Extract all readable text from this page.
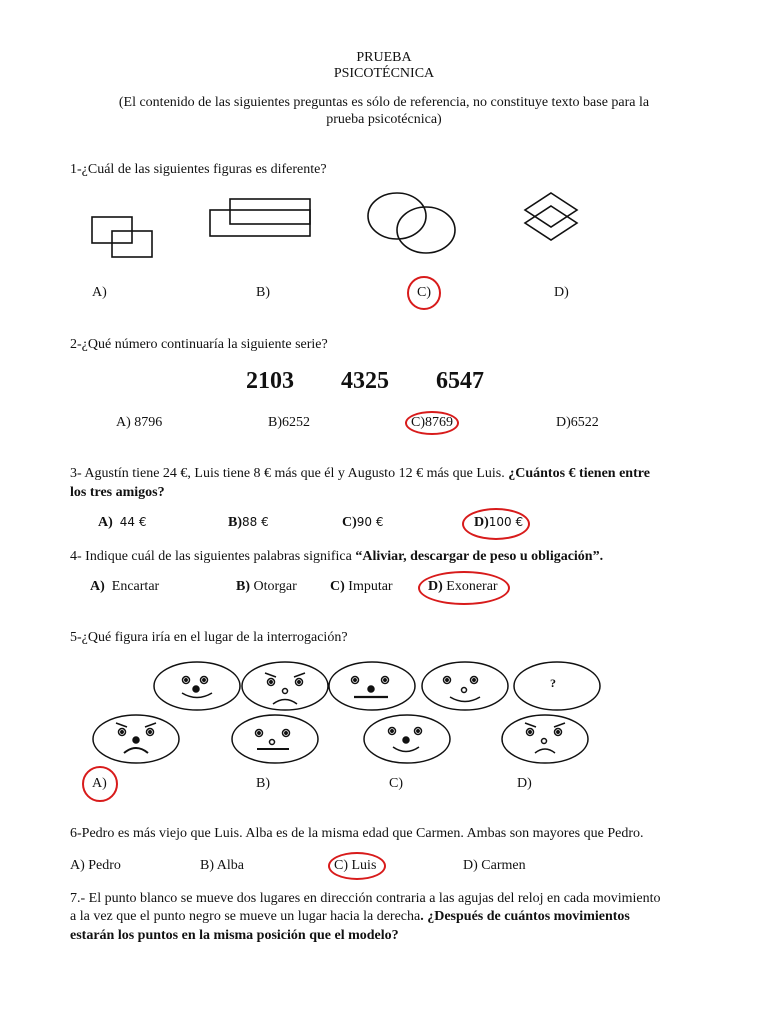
PRUEBA
PSICOTÉCNICA
(El contenido de las siguientes preguntas es sólo de referencia, no constituye texto base para la
prueba psicotécnica)
1-¿Cuál de las siguientes figuras es diferente?
A)	B)	C)	D)
2-¿Qué número continuaría la siguiente serie?
2103 4325 6547
A) 8796	B)6252	C)8769	D)6522
3- Agustín tiene 24 €, Luis tiene 8 € más que él y Augusto 12 € más que Luis. ¿Cuántos € tienen entre
los tres amigos?
A) 44 €	B)88 €	C)90 €	D)100 €
4- Indique cuál de las siguientes palabras significa “Aliviar, descargar de peso u obligación”.
A) Encartar	B) Otorgar C) Imputar	D) Exonerar
5-¿Qué figura iría en el lugar de la interrogación?
?
A)	B)	C)	D)
6-Pedro es más viejo que Luis. Alba es de la misma edad que Carmen. Ambas son mayores que Pedro.
A) Pedro	B) Alba	C) Luis	D) Carmen
7.- El punto blanco se mueve dos lugares en dirección contraria a las agujas del reloj en cada movimiento
a la vez que el punto negro se mueve un lugar hacia la derecha. ¿Después de cuántos movimientos
estarán los puntos en la misma posición que el modelo?
